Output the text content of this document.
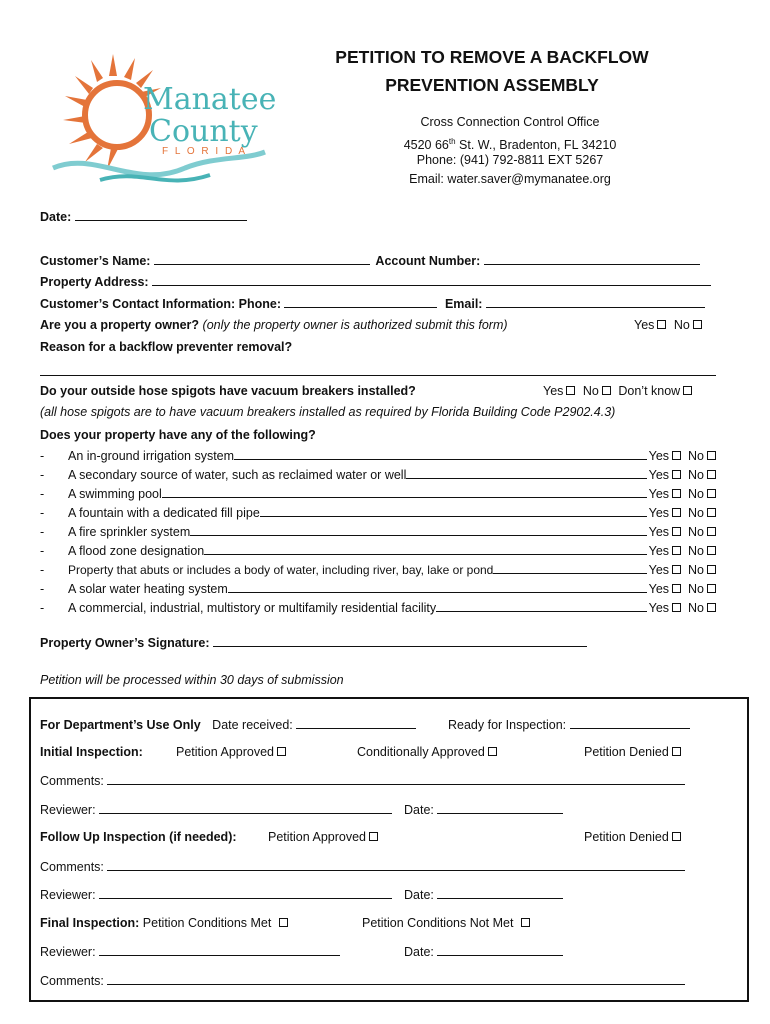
Manatee
County
F L O R I D A
PETITION TO REMOVE A BACKFLOW
PREVENTION ASSEMBLY
Cross Connection Control Office
4520 66th St. W., Bradenton, FL 34210
Phone: (941) 792-8811 EXT 5267
Email: water.saver@mymanatee.org
Date:
Customer’s Name:	Account Number:
Property Address:
Customer’s Contact Information: Phone:	Email:
Are you a property owner? (only the property owner is authorized submit this form)	Yes No
Reason for a backflow preventer removal?
Do your outside hose spigots have vacuum breakers installed?	Yes No Don’t know
(all hose spigots are to have vacuum breakers installed as required by Florida Building Code P2902.4.3)
Does your property have any of the following?
-	An in-ground irrigation system	Yes No
-	A secondary source of water, such as reclaimed water or well	Yes No
-	A swimming pool	Yes No
-	A fountain with a dedicated fill pipe	Yes No
-	A fire sprinkler system	Yes No
-	A flood zone designation	Yes No
-	Property that abuts or includes a body of water, including river, bay, lake or pond	Yes No
-	A solar water heating system	Yes No
-	A commercial, industrial, multistory or multifamily residential facility	Yes No
Property Owner’s Signature:
Petition will be processed within 30 days of submission
For Department’s Use Only Date received:	Ready for Inspection:
Initial Inspection:	Petition Approved	Conditionally Approved	Petition Denied
Comments:
Reviewer:	Date:
Follow Up Inspection (if needed):	Petition Approved	Petition Denied
Comments:
Reviewer:	Date:
Final Inspection: Petition Conditions Met	Petition Conditions Not Met
Reviewer:	Date:
Comments:
